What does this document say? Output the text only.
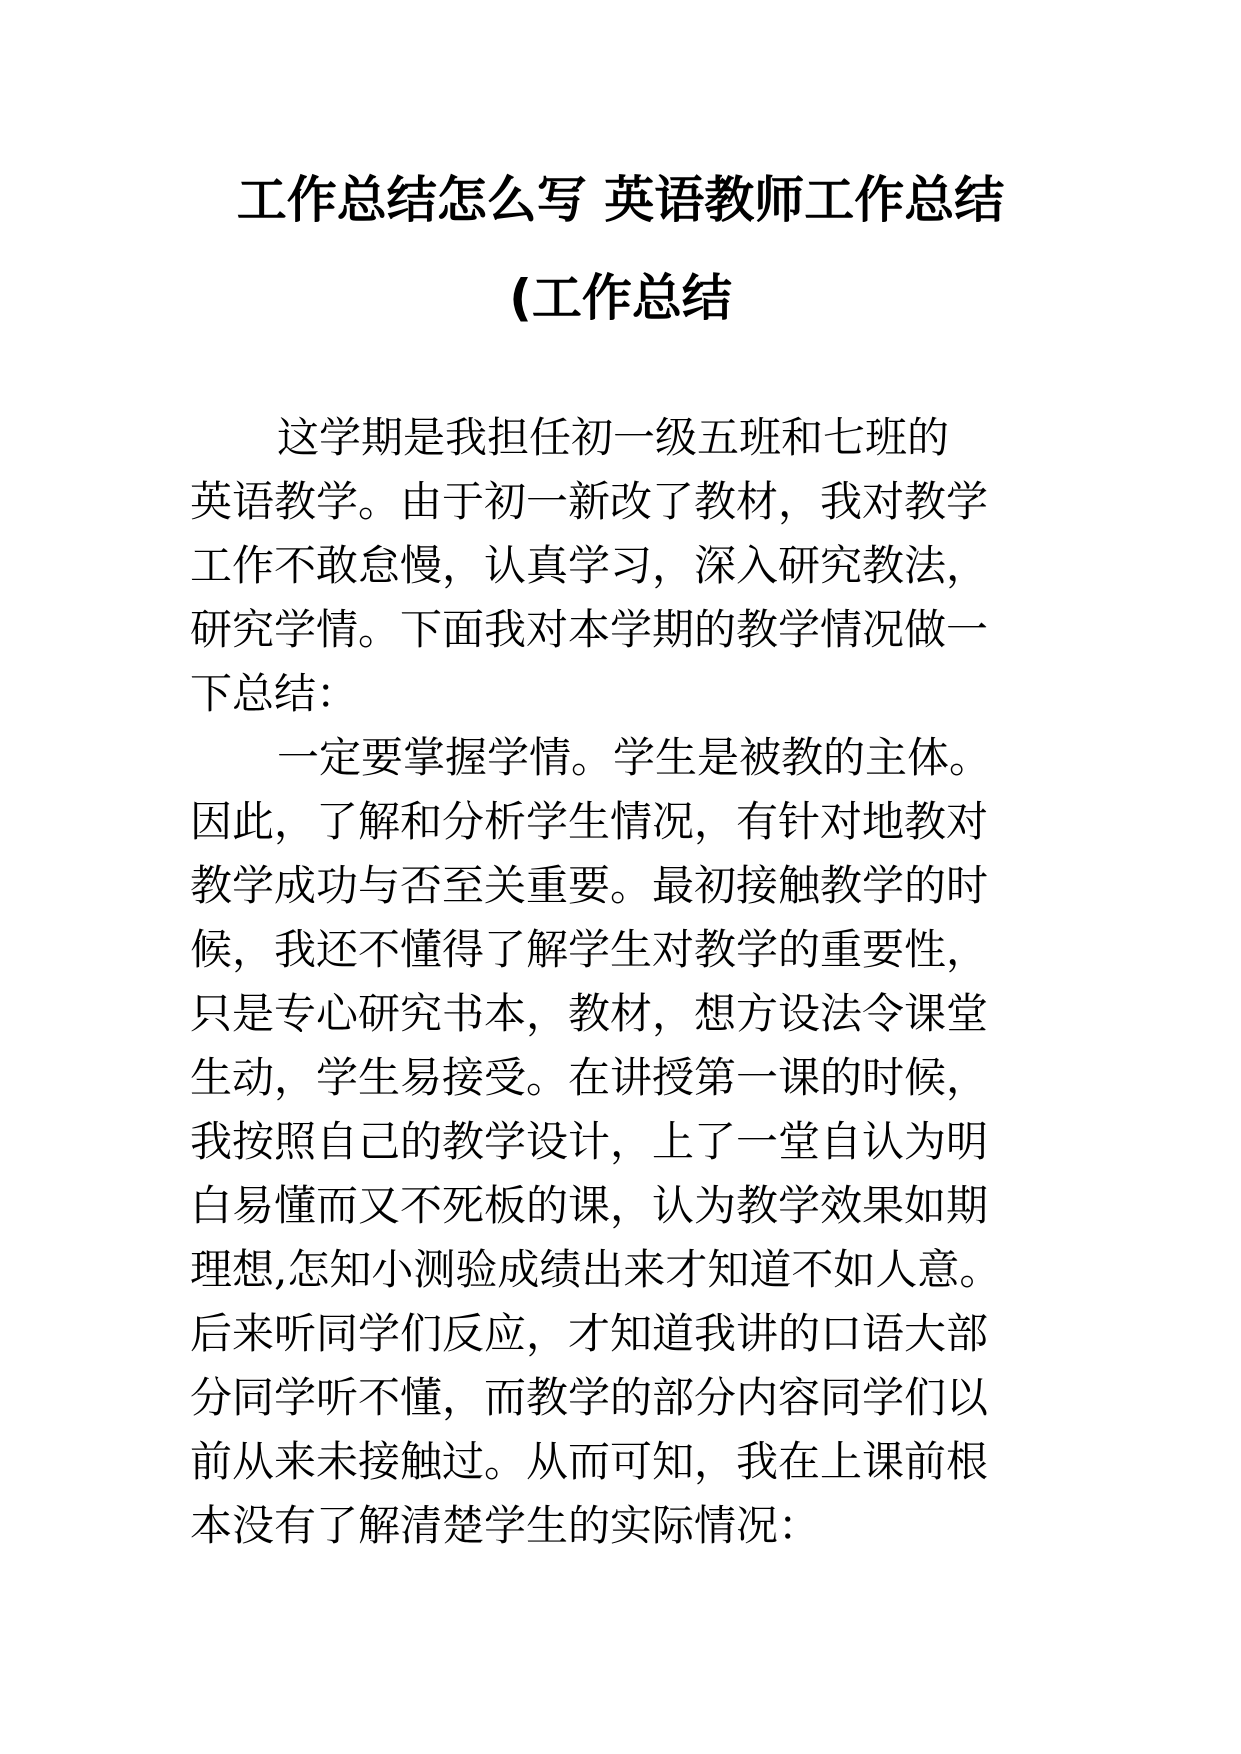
工作总结怎么写 英语教师工作总结
(工作总结
这学期是我担任初一级五班和七班的
英语教学。由于初一新改了教材，我对教学
工作不敢怠慢，认真学习，深入研究教法，
研究学情。下面我对本学期的教学情况做一
下总结：
一定要掌握学情。学生是被教的主体。
因此，了解和分析学生情况，有针对地教对
教学成功与否至关重要。最初接触教学的时
候，我还不懂得了解学生对教学的重要性，
只是专心研究书本，教材，想方设法令课堂
生动，学生易接受。在讲授第一课的时候，
我按照自己的教学设计，上了一堂自认为明
白易懂而又不死板的课，认为教学效果如期
理想,怎知小测验成绩出来才知道不如人意。
后来听同学们反应，才知道我讲的口语大部
分同学听不懂，而教学的部分内容同学们以
前从来未接触过。从而可知，我在上课前根
本没有了解清楚学生的实际情况：
